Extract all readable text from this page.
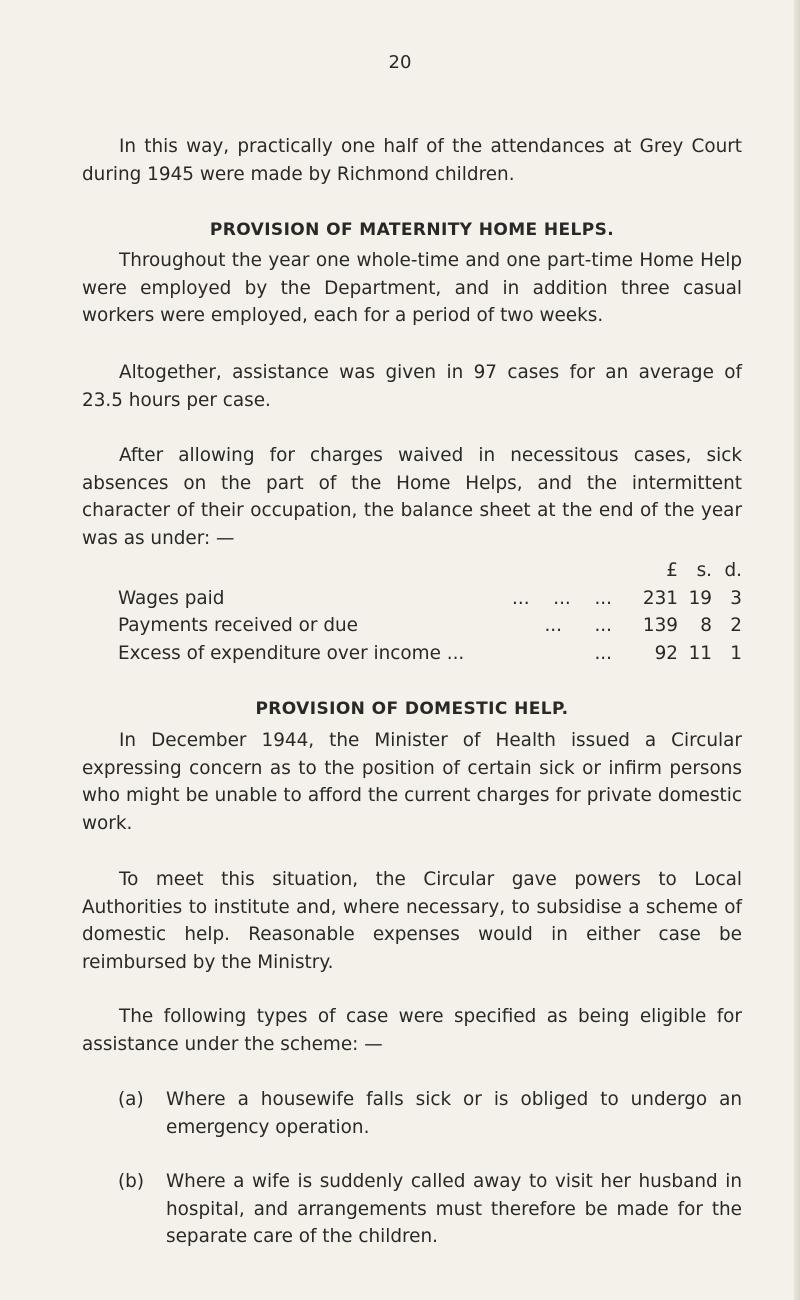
20

In this way, practically one half of the attendances at Grey Court during 1945 were made by Richmond children.

PROVISION OF MATERNITY HOME HELPS.

Throughout the year one whole-time and one part-time Home Help were employed by the Department, and in addition three casual workers were employed, each for a period of two weeks.

Altogether, assistance was given in 97 cases for an average of 23.5 hours per case.

After allowing for charges waived in necessitous cases, sick absences on the part of the Home Helps, and the intermittent character of their occupation, the balance sheet at the end of the year was as under: —

£	s. d.
Wages paid	... ... ... 231 19 3
Payments received or due	... ... 139	8 2
Excess of expenditure over income ...	...	92 11 1
PROVISION OF DOMESTIC HELP.

In December 1944, the Minister of Health issued a Circular expressing concern as to the position of certain sick or infirm persons who might be unable to afford the current charges for private domestic work.

To meet this situation, the Circular gave powers to Local Authorities to institute and, where necessary, to subsidise a scheme of domestic help. Reasonable expenses would in either case be reimbursed by the Ministry.

The following types of case were specified as being eligible for assistance under the scheme: —

(a)	Where a housewife falls sick or is obliged to undergo an emergency operation.
(b)	Where a wife is suddenly called away to visit her husband in hospital, and arrangements must therefore be made for the separate care of the children.
